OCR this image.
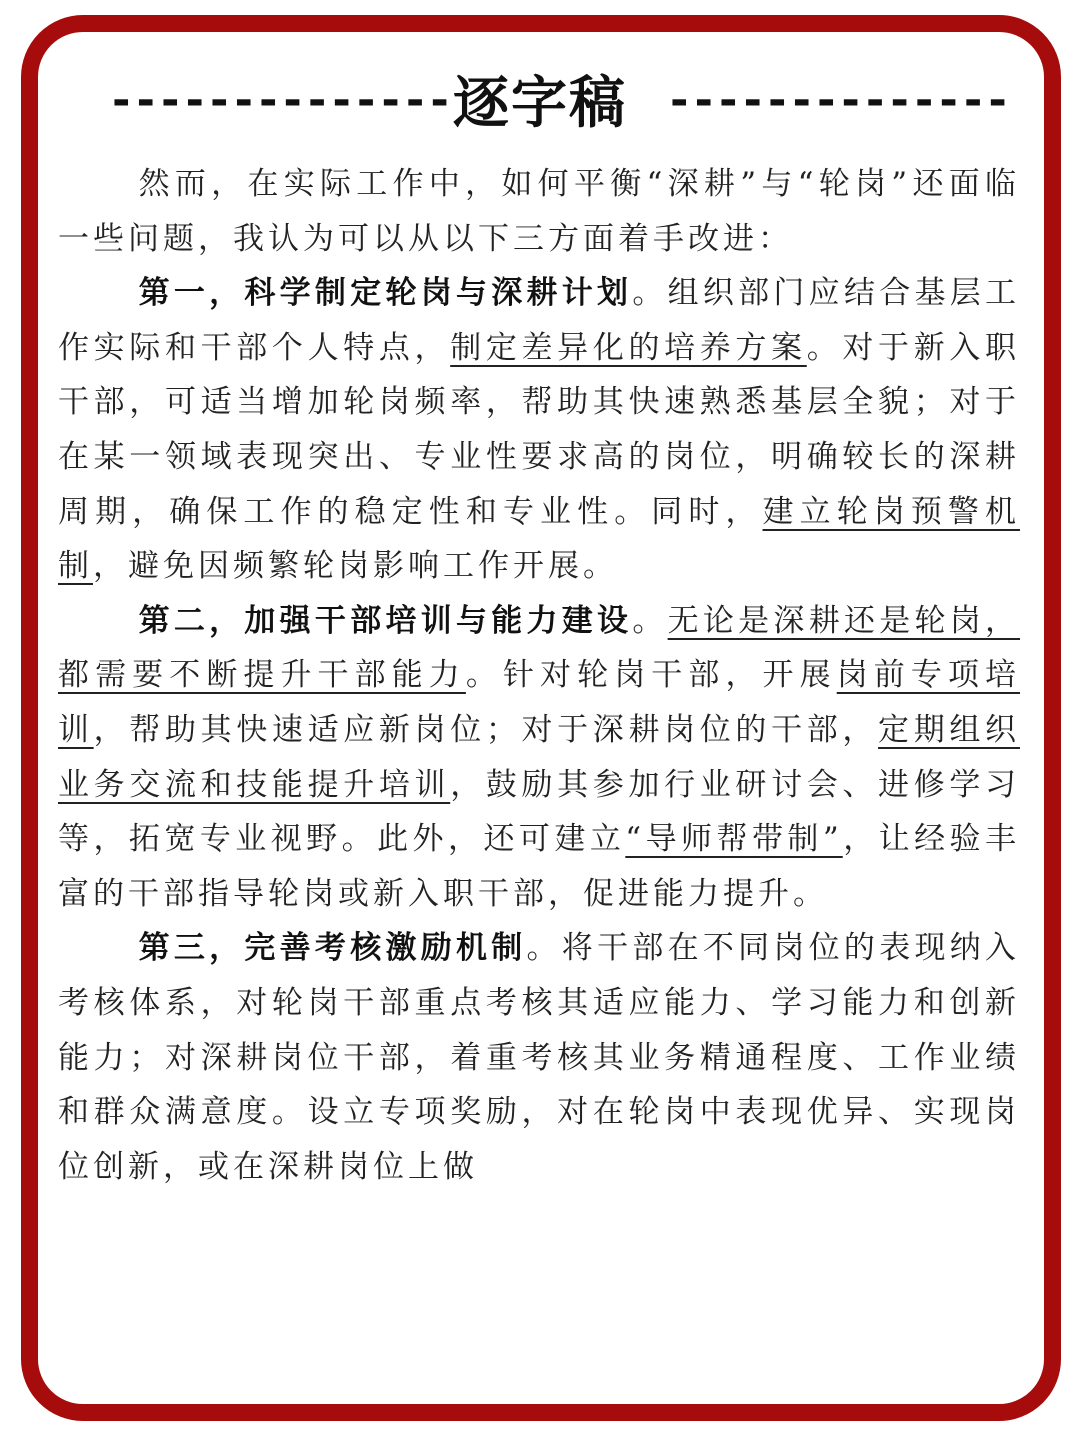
-------------- 逐字稿 --------------

然而，在实际工作中，如何平衡“深耕”与“轮岗”还面临一些问题，我认为可以从以下三方面着手改进：

第一，科学制定轮岗与深耕计划。组织部门应结合基层工作实际和干部个人特点，制定差异化的培养方案。对于新入职干部，可适当增加轮岗频率，帮助其快速熟悉基层全貌；对于在某一领域表现突出、专业性要求高的岗位，明确较长的深耕周期，确保工作的稳定性和专业性。同时，建立轮岗预警机制，避免因频繁轮岗影响工作开展。

第二，加强干部培训与能力建设。无论是深耕还是轮岗，都需要不断提升干部能力。针对轮岗干部，开展岗前专项培训，帮助其快速适应新岗位；对于深耕岗位的干部，定期组织业务交流和技能提升培训，鼓励其参加行业研讨会、进修学习等，拓宽专业视野。此外，还可建立“导师帮带制”，让经验丰富的干部指导轮岗或新入职干部，促进能力提升。

第三，完善考核激励机制。将干部在不同岗位的表现纳入考核体系，对轮岗干部重点考核其适应能力、学习能力和创新能力；对深耕岗位干部，着重考核其业务精通程度、工作业绩和群众满意度。设立专项奖励，对在轮岗中表现优异、实现岗位创新，或在深耕岗位上做
